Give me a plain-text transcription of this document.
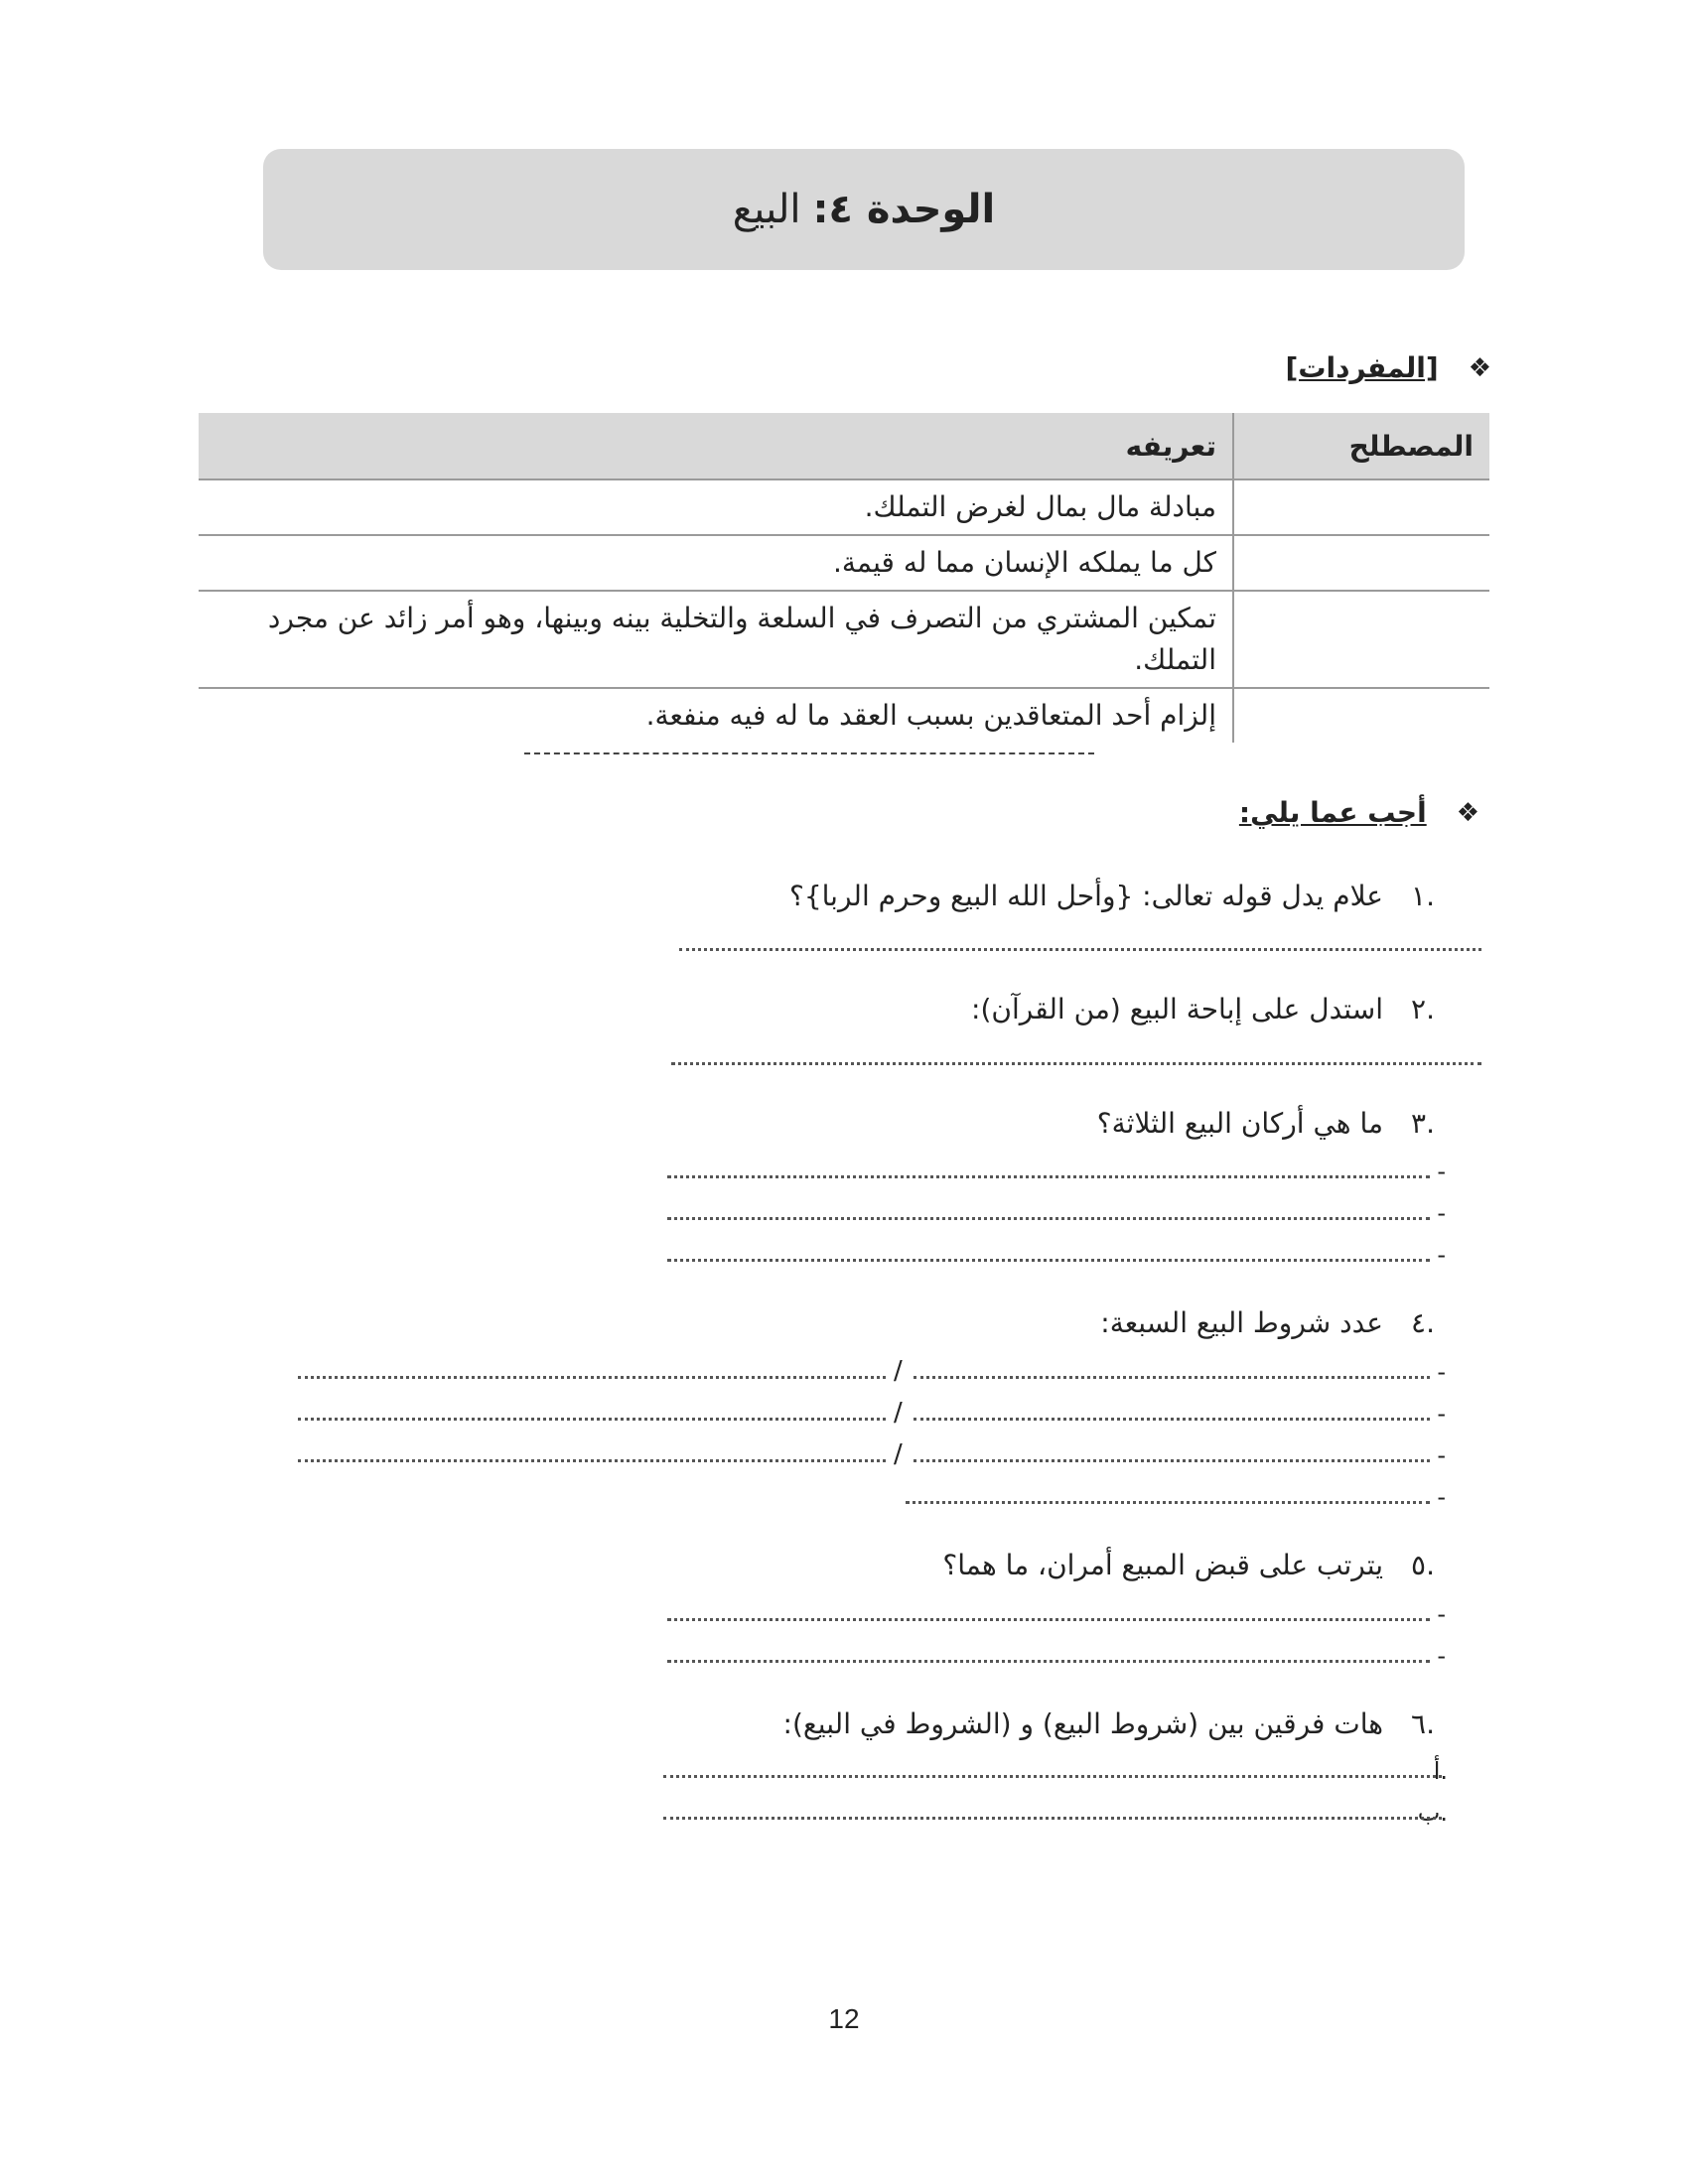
الوحدة ٤:
البيع
❖
[المفردات]
المصطلح	تعريفه
	مبادلة مال بمال لغرض التملك.
	كل ما يملكه الإنسان مما له قيمة.
	تمكين المشتري من التصرف في السلعة والتخلية بينه وبينها، وهو أمر زائد عن مجرد التملك.
	إلزام أحد المتعاقدين بسبب العقد ما له فيه منفعة.
❖
أجب عما يلي:
.١
علام يدل قوله تعالى: {وأحل الله البيع وحرم الربا}؟
.٢
استدل على إباحة البيع (من القرآن):
.٣
ما هي أركان البيع الثلاثة؟
-
-
-
.٤
عدد شروط البيع السبعة:
-
/
-
/
-
/
-
.٥
يترتب على قبض المبيع أمران، ما هما؟
-
-
.٦
هات فرقين بين (شروط البيع) و (الشروط في البيع):
.أ
.ب
12
